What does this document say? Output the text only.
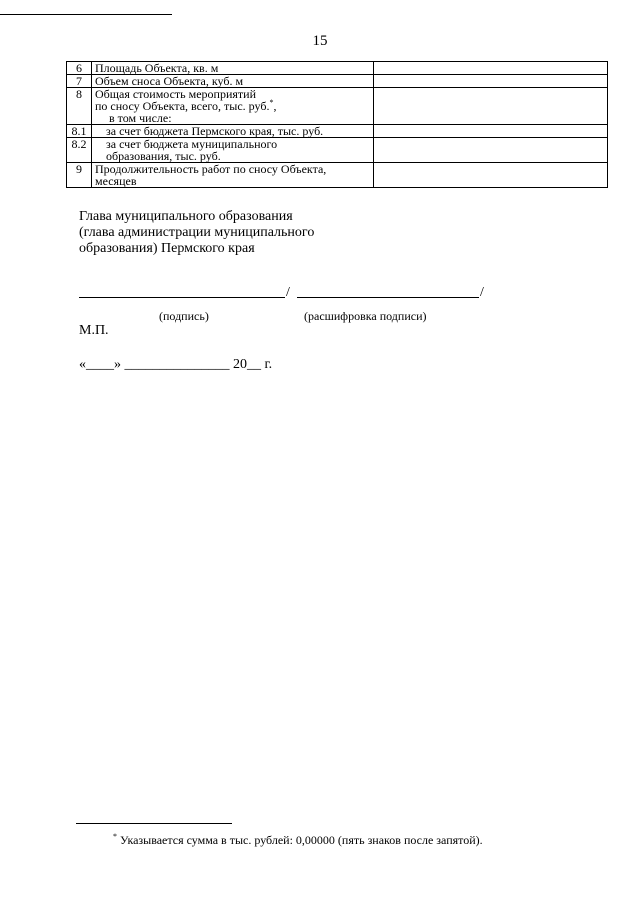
15
6	Площадь Объекта, кв. м	
7	Объем сноса Объекта, куб. м	
8	Общая стоимость мероприятий
по сносу Объекта, всего, тыс. руб.*,
в том числе:	

8.1	за счет бюджета Пермского края, тыс. руб.	
8.2	за счет бюджета муниципального
образования, тыс. руб.	

9	Продолжительность работ по сносу Объекта,
месяцев	

Глава муниципального образования
(глава администрации муниципального
образования) Пермского края
/	/
(подпись)	(расшифровка подписи)
М.П.
«____» _______________ 20__ г.
* Указывается сумма в тыс. рублей: 0,00000 (пять знаков после запятой).
